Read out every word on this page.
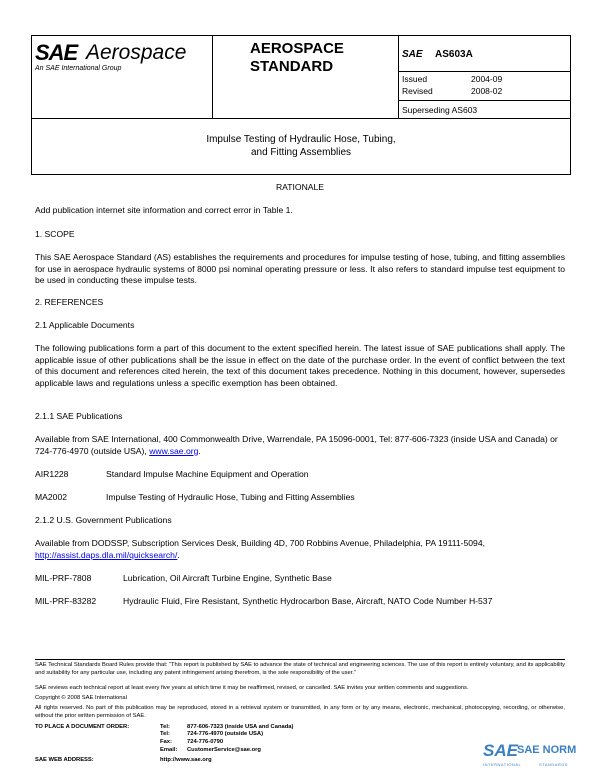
SAE Aerospace
An SAE International Group
AEROSPACE
STANDARD
SAE AS603A
Issued	2004-09
Revised	2008-02
Superseding AS603
Impulse Testing of Hydraulic Hose, Tubing,
and Fitting Assemblies
RATIONALE
Add publication internet site information and correct error in Table 1.
1. SCOPE
This SAE Aerospace Standard (AS) establishes the requirements and procedures for impulse testing of hose, tubing, and fitting assemblies for use in aerospace hydraulic systems of 8000 psi nominal operating pressure or less. It also refers to standard impulse test equipment to be used in conducting these impulse tests.
2. REFERENCES
2.1 Applicable Documents
The following publications form a part of this document to the extent specified herein. The latest issue of SAE publications shall apply. The applicable issue of other publications shall be the issue in effect on the date of the purchase order. In the event of conflict between the text of this document and references cited herein, the text of this document takes precedence. Nothing in this document, however, supersedes applicable laws and regulations unless a specific exemption has been obtained.
2.1.1 SAE Publications
Available from SAE International, 400 Commonwealth Drive, Warrendale, PA 15096-0001, Tel: 877-606-7323 (inside USA and Canada) or 724-776-4970 (outside USA), www.sae.org.
AIR1228	Standard Impulse Machine Equipment and Operation
MA2002	Impulse Testing of Hydraulic Hose, Tubing and Fitting Assemblies
2.1.2 U.S. Government Publications
Available from DODSSP, Subscription Services Desk, Building 4D, 700 Robbins Avenue, Philadelphia, PA 19111-5094, http://assist.daps.dla.mil/quicksearch/.
MIL-PRF-7808	Lubrication, Oil Aircraft Turbine Engine, Synthetic Base
MIL-PRF-83282	Hydraulic Fluid, Fire Resistant, Synthetic Hydrocarbon Base, Aircraft, NATO Code Number H-537
SAE Technical Standards Board Rules provide that: “This report is published by SAE to advance the state of technical and engineering sciences. The use of this report is entirely voluntary, and its applicability and suitability for any particular use, including any patent infringement arising therefrom, is the sole responsibility of the user.”
SAE reviews each technical report at least every five years at which time it may be reaffirmed, revised, or cancelled. SAE invites your written comments and suggestions.
Copyright © 2008 SAE International
All rights reserved. No part of this publication may be reproduced, stored in a retrieval system or transmitted, in any form or by any means, electronic, mechanical, photocopying, recording, or otherwise, without the prior written permission of SAE.
TO PLACE A DOCUMENT ORDER:	Tel:	877-606-7323 (inside USA and Canada)
Tel:	724-776-4970 (outside USA)
Fax:	724-776-0790
Email: CustomerService@sae.org
SAE WEB ADDRESS:	http://www.sae.org	SAE SAE NORM
INTERNATIONAL	STANDARDS
